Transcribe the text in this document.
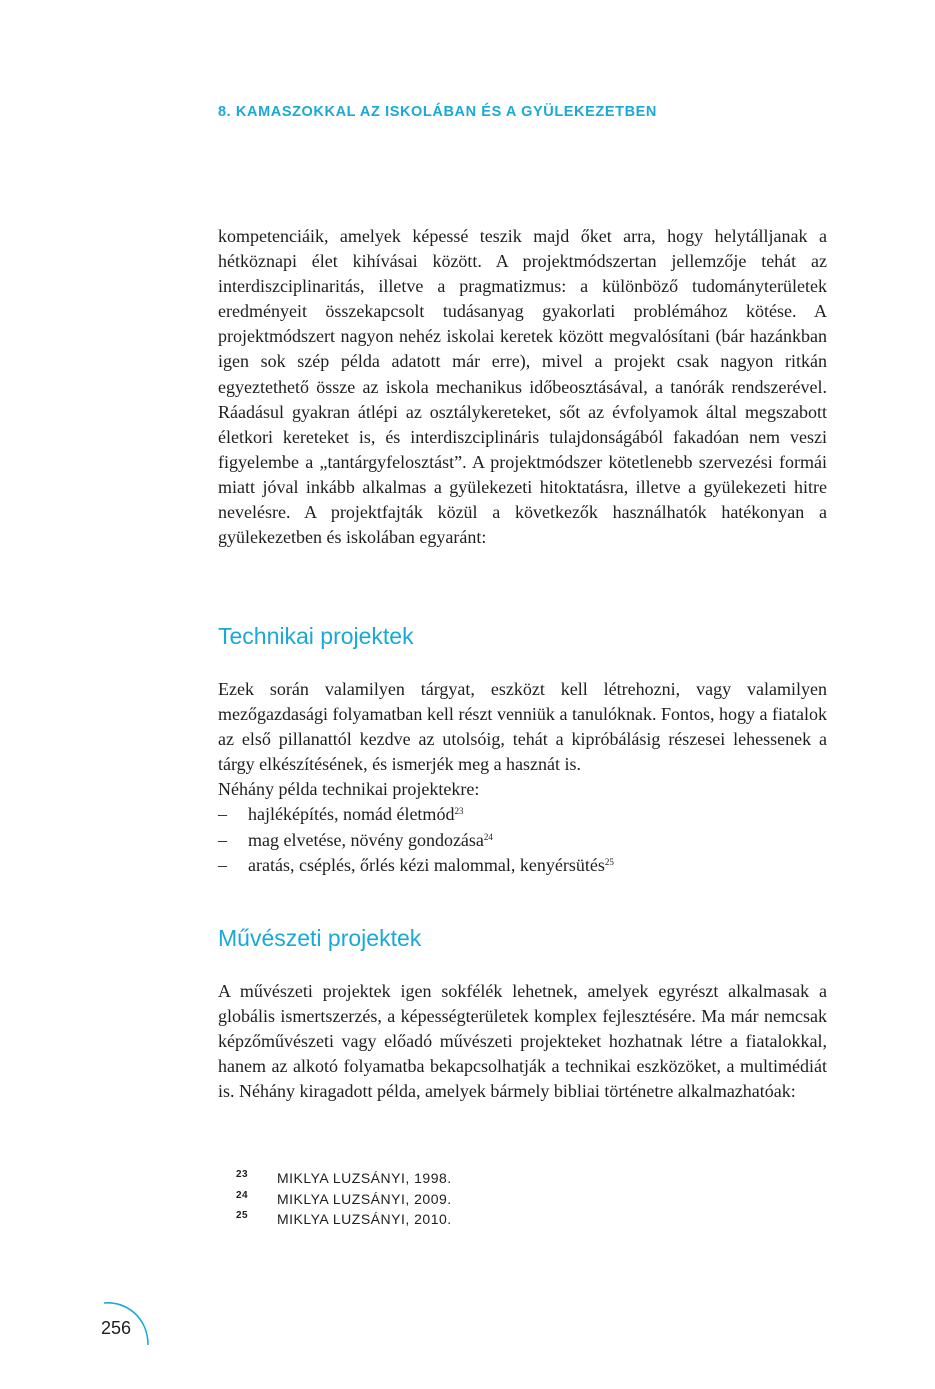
8. KAMASZOKKAL AZ ISKOLÁBAN ÉS A GYÜLEKEZETBEN

kompetenciáik, amelyek képessé teszik majd őket arra, hogy helytálljanak a hétköznapi élet kihívásai között. A projektmódszertan jellemzője tehát az interdiszciplinaritás, illetve a pragmatizmus: a különböző tudományterületek eredményeit összekapcsolt tudásanyag gyakorlati problémához kötése. A projektmódszert nagyon nehéz iskolai keretek között megvalósítani (bár hazánkban igen sok szép példa adatott már erre), mivel a projekt csak nagyon ritkán egyeztethető össze az iskola mechanikus időbeosztásával, a tanórák rendszerével. Ráadásul gyakran átlépi az osztálykereteket, sőt az évfolyamok által megszabott életkori kereteket is, és interdiszciplináris tulajdonságából fakadóan nem veszi figyelembe a „tantárgyfelosztást”. A projektmódszer kötetlenebb szervezési formái miatt jóval inkább alkalmas a gyülekezeti hitoktatásra, illetve a gyülekezeti hitre nevelésre. A projektfajták közül a következők használhatók hatékonyan a gyülekezetben és iskolában egyaránt:

Technikai projektek

Ezek során valamilyen tárgyat, eszközt kell létrehozni, vagy valamilyen mezőgazdasági folyamatban kell részt venniük a tanulóknak. Fontos, hogy a fiatalok az első pillanattól kezdve az utolsóig, tehát a kipróbálásig részesei lehessenek a tárgy elkészítésének, és ismerjék meg a hasznát is.

Néhány példa technikai projektekre:

– hajléképítés, nomád életmód$^{23}$
– mag elvetése, növény gondozása$^{24}$
– aratás, cséplés, őrlés kézi malommal, kenyérsütés$^{25}$
Művészeti projektek

A művészeti projektek igen sokfélék lehetnek, amelyek egyrészt alkalmasak a globális ismertszerzés, a képességterületek komplex fejlesztésére. Ma már nemcsak képzőművészeti vagy előadó művészeti projekteket hozhatnak létre a fiatalokkal, hanem az alkotó folyamatba bekapcsolhatják a technikai eszközöket, a multimédiát is. Néhány kiragadott példa, amelyek bármely bibliai történetre alkalmazhatóak:

23	MIKLYA LUZSÁNYI, 1998.
24	MIKLYA LUZSÁNYI, 2009.
25	MIKLYA LUZSÁNYI, 2010.
256
